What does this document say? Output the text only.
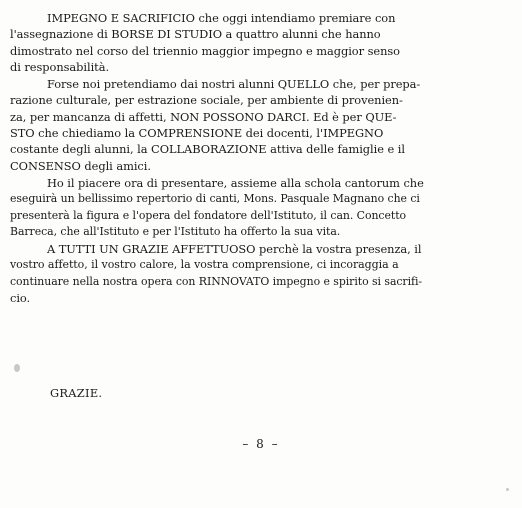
IMPEGNO E SACRIFICIO che oggi intendiamo premiare con
l'assegnazione di BORSE DI STUDIO a quattro alunni che hanno
dimostrato nel corso del triennio maggior impegno e maggior senso
di responsabilità.

Forse noi pretendiamo dai nostri alunni QUELLO che, per prepa-
razione culturale, per estrazione sociale, per ambiente di provenien-
za, per mancanza di affetti, NON POSSONO DARCI. Ed è per QUE-
STO che chiediamo la COMPRENSIONE dei docenti, l'IMPEGNO
costante degli alunni, la COLLABORAZIONE attiva delle famiglie e il
CONSENSO degli amici.

Ho il piacere ora di presentare, assieme alla schola cantorum che
eseguirà un bellissimo repertorio di canti, Mons. Pasquale Magnano che ci
presenterà la figura e l'opera del fondatore dell'Istituto, il can. Concetto
Barreca, che all'Istituto e per l'Istituto ha offerto la sua vita.

A TUTTI UN GRAZIE AFFETTUOSO perchè la vostra presenza, il
vostro affetto, il vostro calore, la vostra comprensione, ci incoraggia a
continuare nella nostra opera con RINNOVATO impegno e spirito si sacrifi-
cio.

GRAZIE.
– 8 –
